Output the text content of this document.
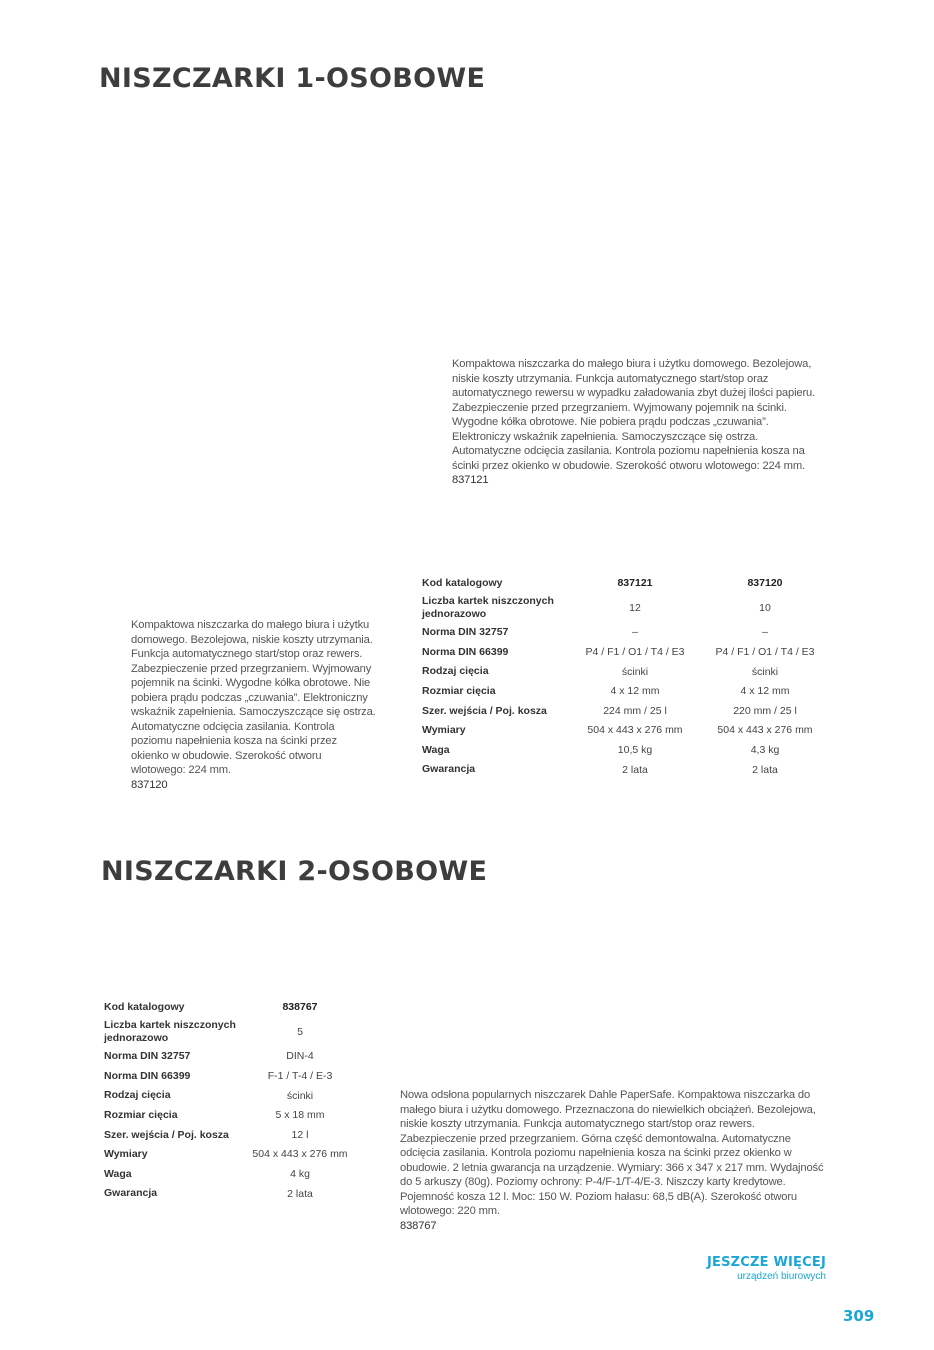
NISZCZARKI 1-OSOBOWE
Kompaktowa niszczarka do małego biura i użytku domowego. Bezolejowa, niskie koszty utrzymania. Funkcja automatycznego start/stop oraz automatycznego rewersu w wypadku załadowania zbyt dużej ilości papieru. Zabezpieczenie przed przegrzaniem. Wyjmowany pojemnik na ścinki. Wygodne kółka obrotowe. Nie pobiera prądu podczas „czuwania”. Elektroniczy wskaźnik zapełnienia. Samoczyszczące się ostrza. Automatyczne odcięcia zasilania. Kontrola poziomu napełnienia kosza na ścinki przez okienko w obudowie. Szerokość otworu wlotowego: 224 mm.
837121
Kompaktowa niszczarka do małego biura i użytku domowego. Bezolejowa, niskie koszty utrzymania. Funkcja automatycznego start/stop oraz rewers. Zabezpieczenie przed przegrzaniem. Wyjmowany pojemnik na ścinki. Wygodne kółka obrotowe. Nie pobiera prądu podczas „czuwania”. Elektroniczny wskaźnik zapełnienia. Samoczyszczące się ostrza. Automatyczne odcięcia zasilania. Kontrola poziomu napełnienia kosza na ścinki przez okienko w obudowie. Szerokość otworu wlotowego: 224 mm.
837120
Kod katalogowy	837121	837120
Liczba kartek niszczonych jednorazowo	12	10
Norma DIN 32757	–	–
Norma DIN 66399	P4 / F1 / O1 / T4 / E3	P4 / F1 / O1 / T4 / E3
Rodzaj cięcia	ścinki	ścinki
Rozmiar cięcia	4 x 12 mm	4 x 12 mm
Szer. wejścia / Poj. kosza	224 mm / 25 l	220 mm / 25 l
Wymiary	504 x 443 x 276 mm	504 x 443 x 276 mm
Waga	10,5 kg	4,3 kg
Gwarancja	2 lata	2 lata
NISZCZARKI 2-OSOBOWE
Kod katalogowy	838767
Liczba kartek niszczonych jednorazowo	5
Norma DIN 32757	DIN-4
Norma DIN 66399	F-1 / T-4 / E-3
Rodzaj cięcia	ścinki
Rozmiar cięcia	5 x 18 mm
Szer. wejścia / Poj. kosza	12 l
Wymiary	504 x 443 x 276 mm
Waga	4 kg
Gwarancja	2 lata
Nowa odsłona popularnych niszczarek Dahle PaperSafe. Kompaktowa niszczarka do małego biura i użytku domowego. Przeznaczona do niewielkich obciążeń. Bezolejowa, niskie koszty utrzymania. Funkcja automatycznego start/stop oraz rewers. Zabezpieczenie przed przegrzaniem. Górna część demontowalna. Automatyczne odcięcia zasilania. Kontrola poziomu napełnienia kosza na ścinki przez okienko w obudowie. 2 letnia gwarancja na urządzenie. Wymiary: 366 x 347 x 217 mm. Wydajność do 5 arkuszy (80g). Poziomy ochrony: P-4/F-1/T-4/E-3. Niszczy karty kredytowe. Pojemność kosza 12 l. Moc: 150 W. Poziom hałasu: 68,5 dB(A). Szerokość otworu wlotowego: 220 mm.
838767
JESZCZE WIĘCEJ
urządzeń biurowych
309
